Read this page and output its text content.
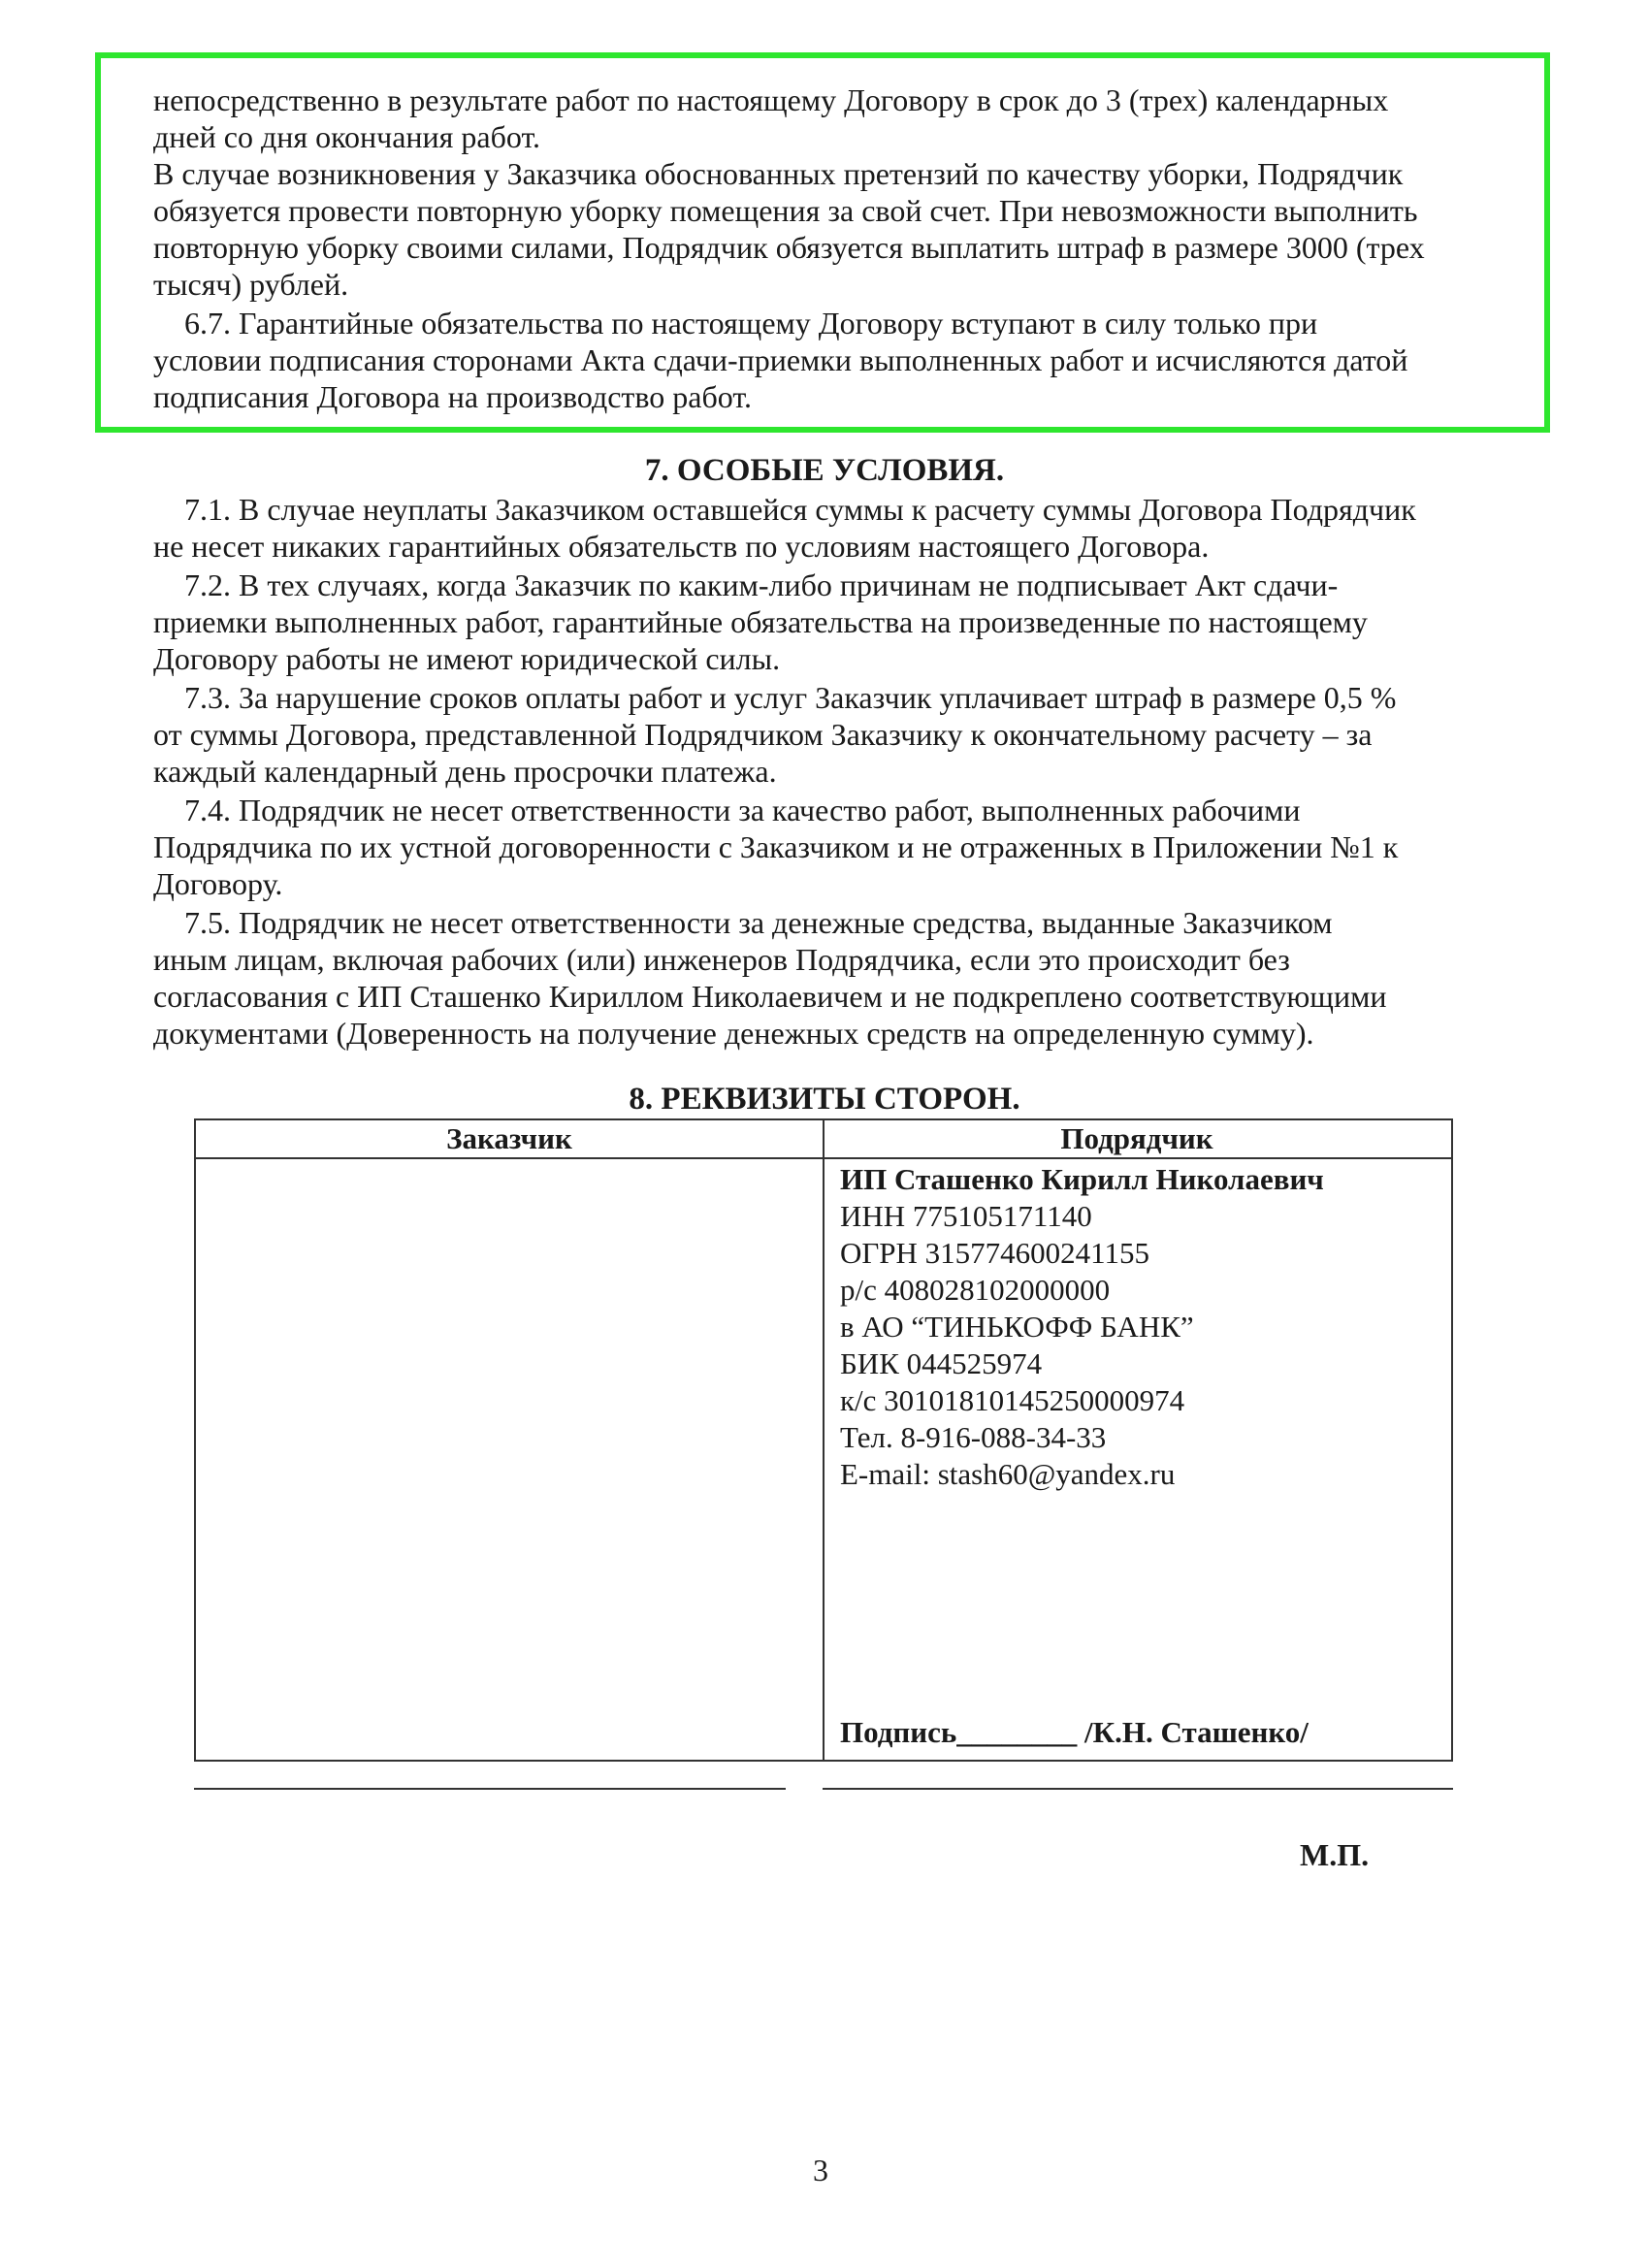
непосредственно в результате работ по настоящему Договору в срок до 3 (трех) календарных
дней со дня окончания работ.
В случае возникновения у Заказчика обоснованных претензий по качеству уборки, Подрядчик
обязуется провести повторную уборку помещения за свой счет. При невозможности выполнить
повторную уборку своими силами, Подрядчик обязуется выплатить штраф в размере 3000 (трех
тысяч) рублей.
6.7. Гарантийные обязательства по настоящему Договору вступают в силу только при
условии подписания сторонами Акта сдачи-приемки выполненных работ и исчисляются датой
подписания Договора на производство работ.
7. ОСОБЫЕ УСЛОВИЯ.
7.1. В случае неуплаты Заказчиком оставшейся суммы к расчету суммы Договора Подрядчик
не несет никаких гарантийных обязательств по условиям настоящего Договора.
7.2. В тех случаях, когда Заказчик по каким-либо причинам не подписывает Акт сдачи-
приемки выполненных работ, гарантийные обязательства на произведенные по настоящему
Договору работы не имеют юридической силы.
7.3. За нарушение сроков оплаты работ и услуг Заказчик уплачивает штраф в размере 0,5 %
от суммы Договора, представленной Подрядчиком Заказчику к окончательному расчету – за
каждый календарный день просрочки платежа.
7.4. Подрядчик не несет ответственности за качество работ, выполненных рабочими
Подрядчика по их устной договоренности с Заказчиком и не отраженных в Приложении №1 к
Договору.
7.5. Подрядчик не несет ответственности за денежные средства, выданные Заказчиком
иным лицам, включая рабочих (или) инженеров Подрядчика, если это происходит без
согласования с ИП Сташенко Кириллом Николаевичем и не подкреплено соответствующими
документами (Доверенность на получение денежных средств на определенную сумму).
8. РЕКВИЗИТЫ СТОРОН.
Заказчик	Подрядчик
ИП Сташенко Кирилл Николаевич
ИНН 775105171140
ОГРН 315774600241155
р/с 408028102000000
в АО “ТИНЬКОФФ БАНК”
БИК 044525974
к/с 30101810145250000974
Тел. 8-916-088-34-33
E-mail: stash60@yandex.ru
Подпись________ /К.Н. Сташенко/
М.П.
3
